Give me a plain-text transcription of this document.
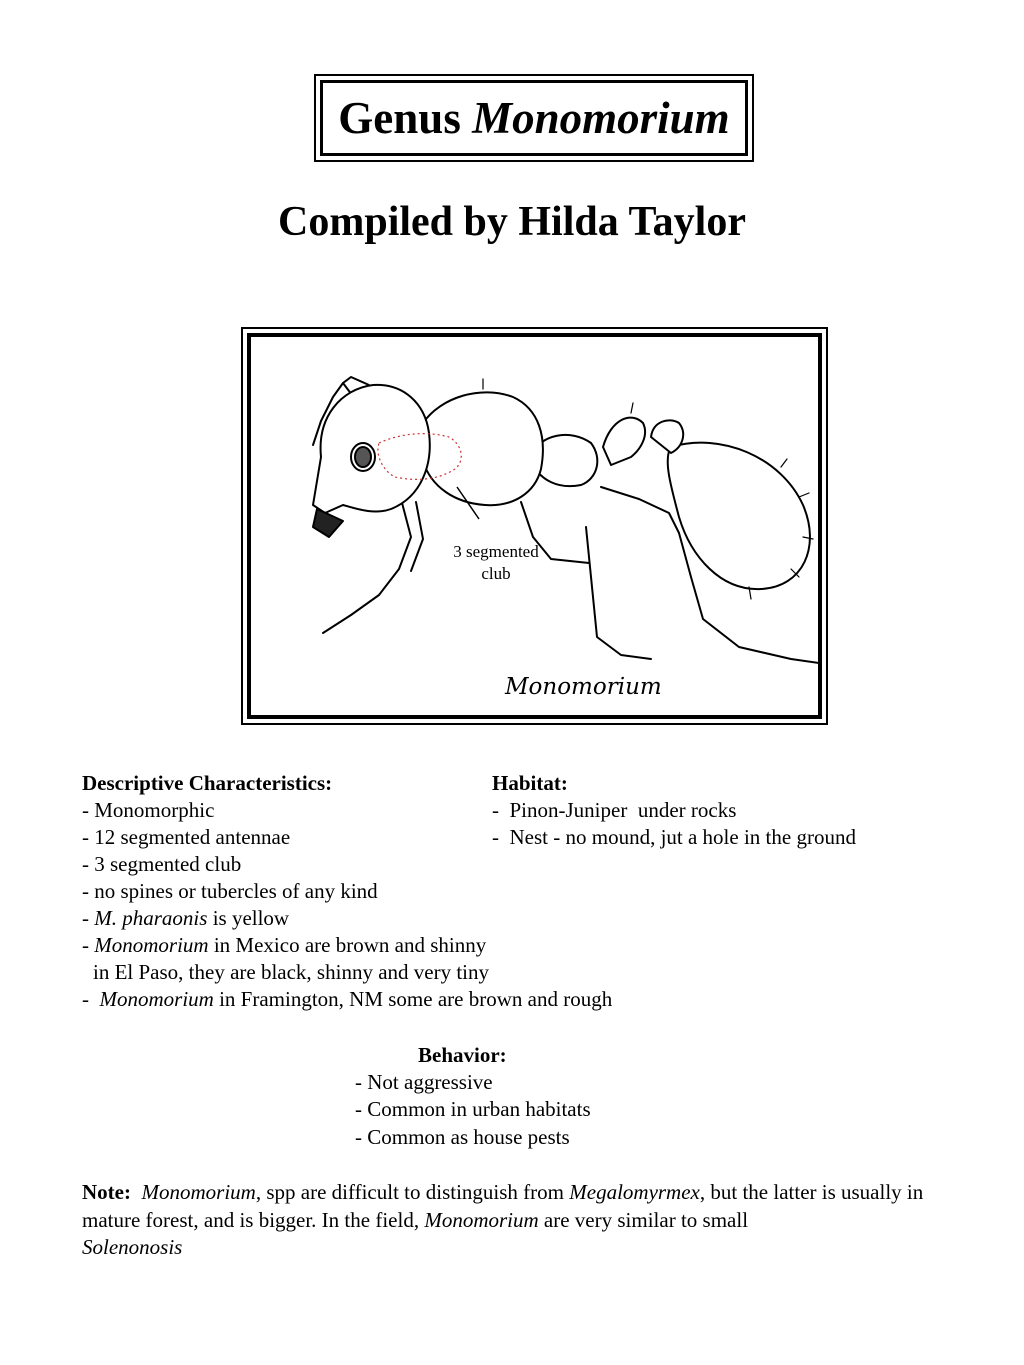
Genus Monomorium
Compiled by Hilda Taylor
3 segmented club
Monomorium
Descriptive Characteristics:
- Monomorphic
- 12 segmented antennae
- 3 segmented club
- no spines or tubercles of any kind
- M. pharaonis is yellow
- Monomorium in Mexico are brown and shinny
in El Paso, they are black, shinny and very tiny
-  Monomorium in Framington, NM some are brown and rough
Habitat:
-  Pinon-Juniper  under rocks
-  Nest - no mound, jut a hole in the ground
Behavior:
- Not aggressive
- Common in urban habitats
- Common as house pests
Note: Monomorium, spp are difficult to distinguish from Megalomyrmex, but the latter is usually in mature forest, and is bigger. In the field, Monomorium are very similar to small
Solenonosis
